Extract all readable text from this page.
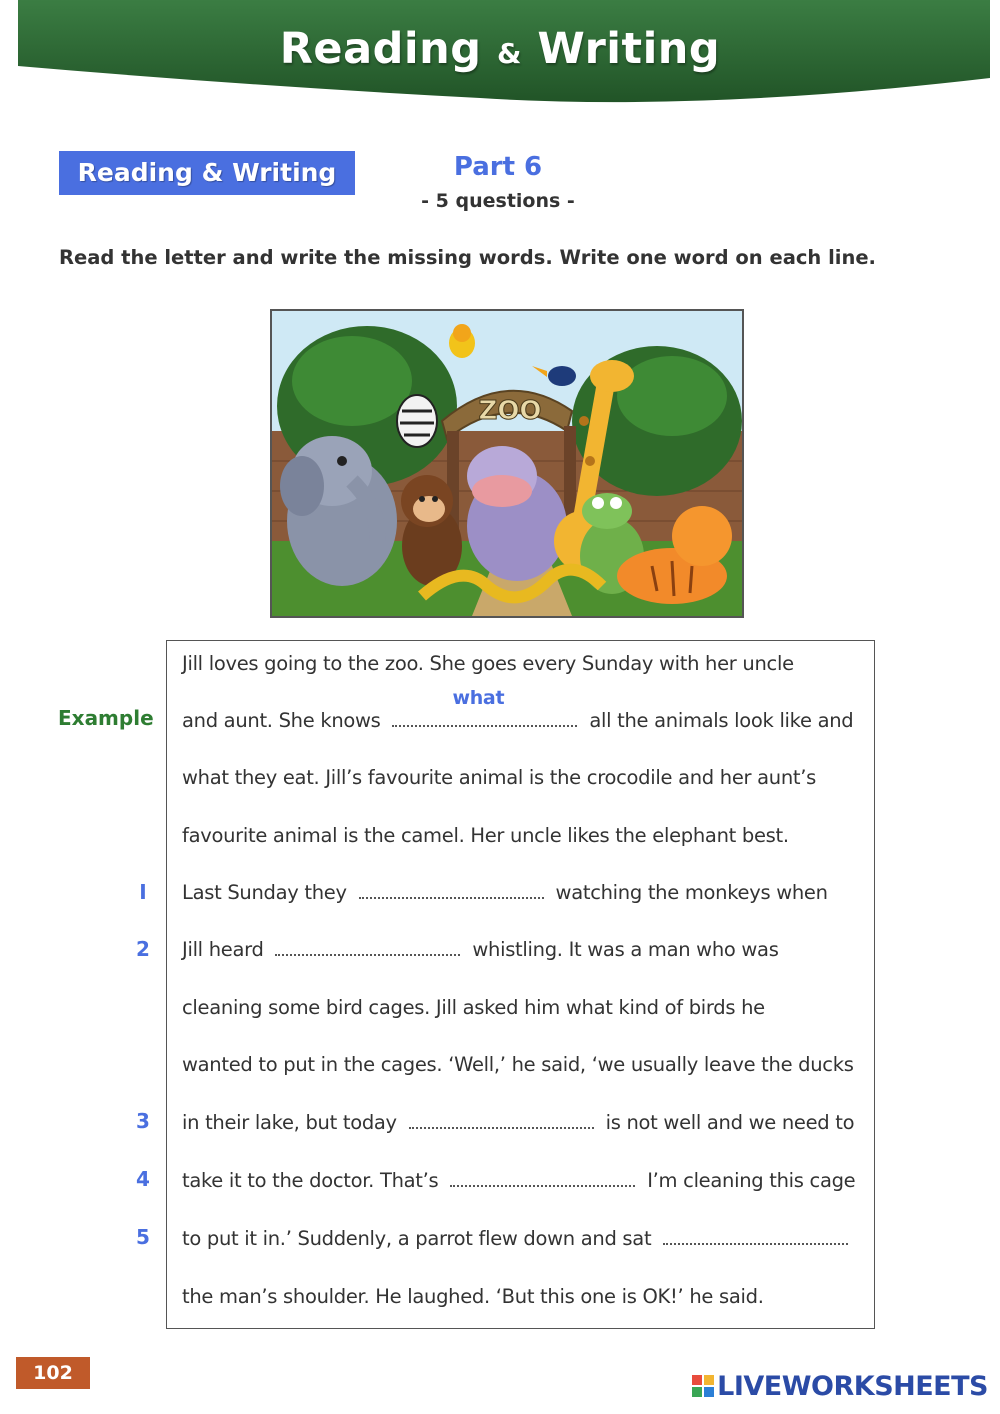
Reading & Writing
Reading & Writing	Part 6
- 5 questions -
Read the letter and write the missing words. Write one word on each line.
ZOO
Example
Jill loves going to the zoo. She goes every Sunday with her uncle
and aunt. She knows
what
all the animals look like and
what they eat. Jill’s favourite animal is the crocodile and her aunt’s
favourite animal is the camel. Her uncle likes the elephant best.
I	Last Sunday they	watching the monkeys when
2	Jill heard	whistling. It was a man who was
cleaning some bird cages. Jill asked him what kind of birds he
wanted to put in the cages. ‘Well,’ he said, ‘we usually leave the ducks
3	in their lake, but today	is not well and we need to
4	take it to the doctor. That’s	I’m cleaning this cage
5	to put it in.’ Suddenly, a parrot flew down and sat
the man’s shoulder. He laughed. ‘But this one is OK!’ he said.
102	LIVEWORKSHEETS
